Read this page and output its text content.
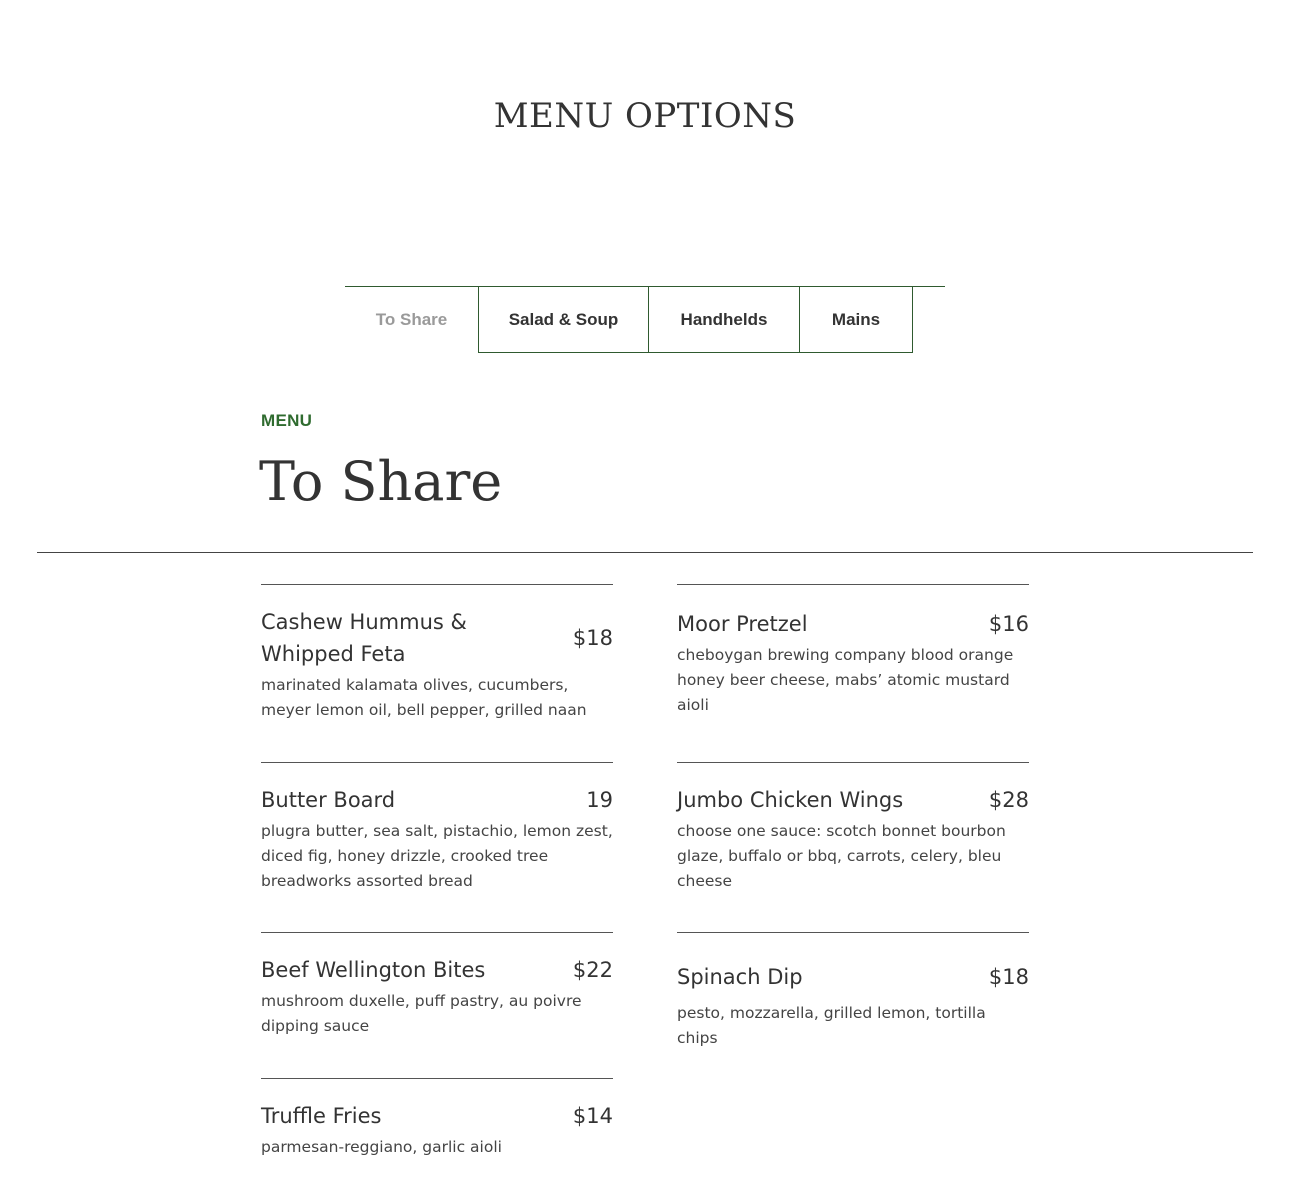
MENU OPTIONS
To Share	Salad & Soup	Handhelds	Mains
MENU
To Share
Cashew Hummus & Whipped Feta
$18
marinated kalamata olives, cucumbers, meyer lemon oil, bell pepper, grilled naan
Butter Board	19
plugra butter, sea salt, pistachio, lemon zest, diced fig, honey drizzle, crooked tree breadworks assorted bread
Beef Wellington Bites	$22
mushroom duxelle, puff pastry, au poivre dipping sauce
Truffle Fries	$14
parmesan-reggiano, garlic aioli
Moor Pretzel	$16
cheboygan brewing company blood orange honey beer cheese, mabs’ atomic mustard aioli
Jumbo Chicken Wings	$28
choose one sauce: scotch bonnet bourbon glaze, buffalo or bbq, carrots, celery, bleu cheese
Spinach Dip	$18
pesto, mozzarella, grilled lemon, tortilla chips
